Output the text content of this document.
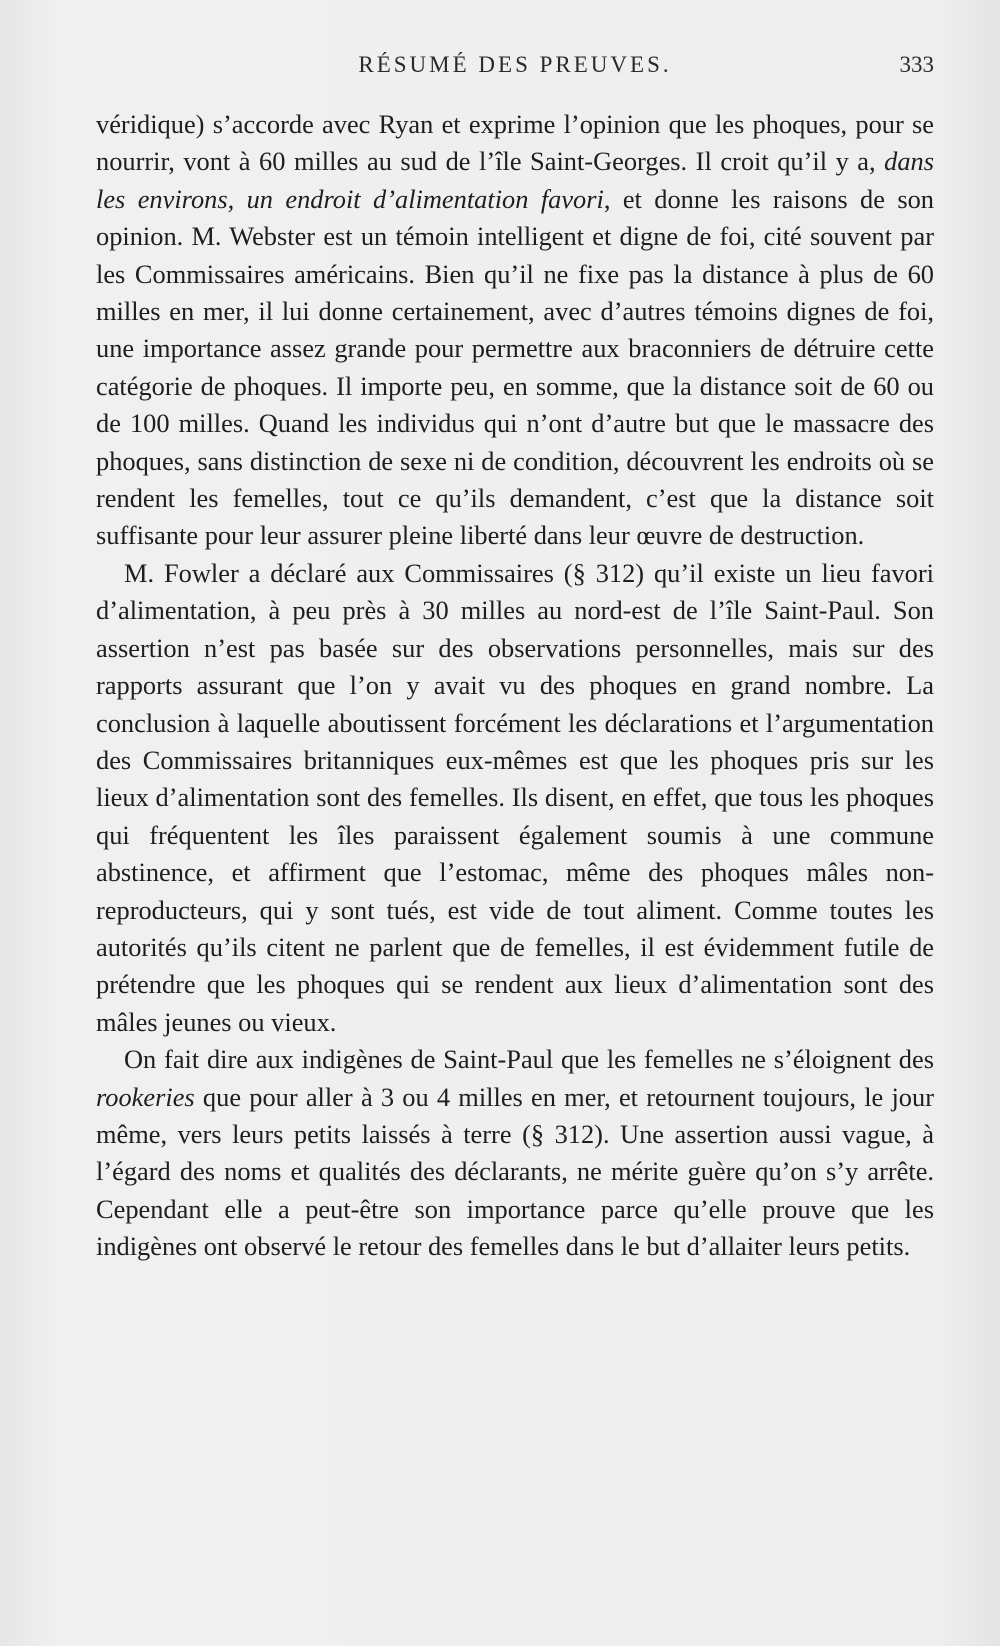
RÉSUMÉ DES PREUVES.	333

véridique) s’accorde avec Ryan et exprime l’opinion que les phoques, pour se nourrir, vont à 60 milles au sud de l’île Saint-Georges. Il croit qu’il y a, dans les environs, un endroit d’alimentation favori, et donne les raisons de son opinion. M. Webster est un témoin intelligent et digne de foi, cité souvent par les Commissaires américains. Bien qu’il ne fixe pas la distance à plus de 60 milles en mer, il lui donne certainement, avec d’autres témoins dignes de foi, une importance assez grande pour permettre aux braconniers de détruire cette catégorie de phoques. Il importe peu, en somme, que la distance soit de 60 ou de 100 milles. Quand les individus qui n’ont d’autre but que le massacre des phoques, sans distinction de sexe ni de condition, découvrent les endroits où se rendent les femelles, tout ce qu’ils demandent, c’est que la distance soit suffisante pour leur assurer pleine liberté dans leur œuvre de destruction.

M. Fowler a déclaré aux Commissaires (§ 312) qu’il existe un lieu favori d’alimentation, à peu près à 30 milles au nord-est de l’île Saint-Paul. Son assertion n’est pas basée sur des observations personnelles, mais sur des rapports assurant que l’on y avait vu des phoques en grand nombre. La conclusion à laquelle aboutissent forcément les déclarations et l’argumentation des Commissaires britanniques eux-mêmes est que les phoques pris sur les lieux d’alimentation sont des femelles. Ils disent, en effet, que tous les phoques qui fréquentent les îles paraissent également soumis à une commune abstinence, et affirment que l’estomac, même des phoques mâles non-reproducteurs, qui y sont tués, est vide de tout aliment. Comme toutes les autorités qu’ils citent ne parlent que de femelles, il est évidemment futile de prétendre que les phoques qui se rendent aux lieux d’alimentation sont des mâles jeunes ou vieux.

On fait dire aux indigènes de Saint-Paul que les femelles ne s’éloignent des rookeries que pour aller à 3 ou 4 milles en mer, et retournent toujours, le jour même, vers leurs petits laissés à terre (§ 312). Une assertion aussi vague, à l’égard des noms et qualités des déclarants, ne mérite guère qu’on s’y arrête. Cependant elle a peut-être son importance parce qu’elle prouve que les indigènes ont observé le retour des femelles dans le but d’allaiter leurs petits.
